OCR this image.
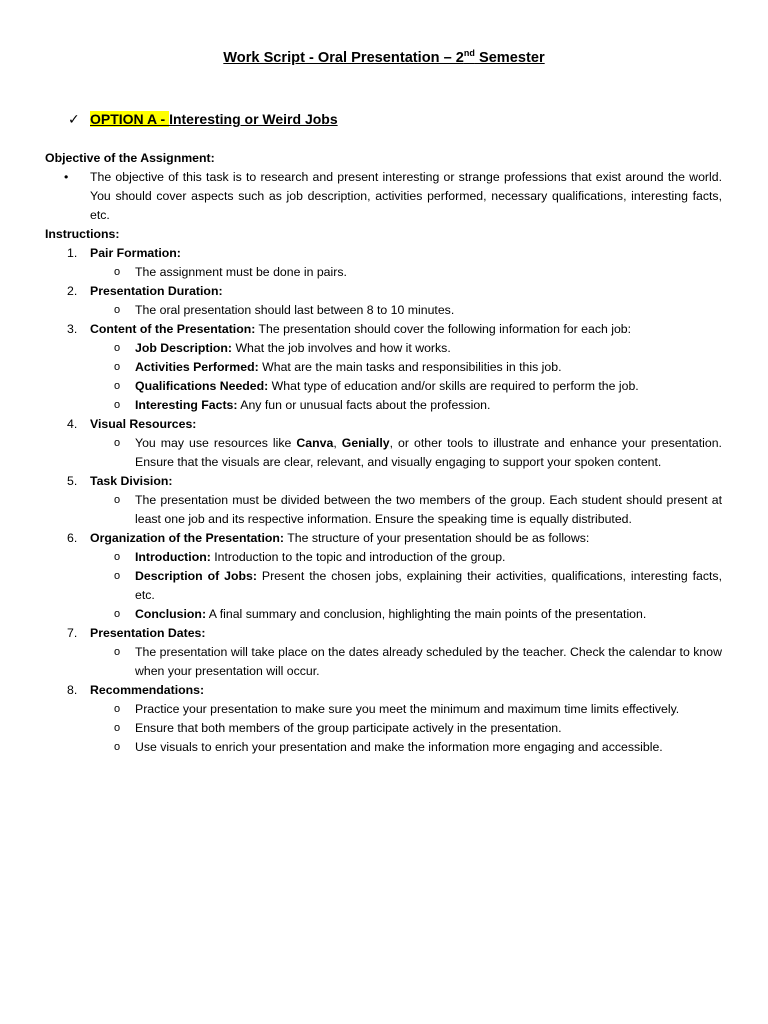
Work Script - Oral Presentation – 2nd Semester
✓ OPTION A - Interesting or Weird Jobs
Objective of the Assignment:
• The objective of this task is to research and present interesting or strange professions that exist around the world. You should cover aspects such as job description, activities performed, necessary qualifications, interesting facts, etc.
Instructions:
1. Pair Formation:
o The assignment must be done in pairs.
2. Presentation Duration:
o The oral presentation should last between 8 to 10 minutes.
3. Content of the Presentation: The presentation should cover the following information for each job:
o Job Description: What the job involves and how it works.
o Activities Performed: What are the main tasks and responsibilities in this job.
o Qualifications Needed: What type of education and/or skills are required to perform the job.
o Interesting Facts: Any fun or unusual facts about the profession.
4. Visual Resources:
o You may use resources like Canva, Genially, or other tools to illustrate and enhance your presentation. Ensure that the visuals are clear, relevant, and visually engaging to support your spoken content.
5. Task Division:
o The presentation must be divided between the two members of the group. Each student should present at least one job and its respective information. Ensure the speaking time is equally distributed.
6. Organization of the Presentation: The structure of your presentation should be as follows:
o Introduction: Introduction to the topic and introduction of the group.
o Description of Jobs: Present the chosen jobs, explaining their activities, qualifications, interesting facts, etc.
o Conclusion: A final summary and conclusion, highlighting the main points of the presentation.
7. Presentation Dates:
o The presentation will take place on the dates already scheduled by the teacher. Check the calendar to know when your presentation will occur.
8. Recommendations:
o Practice your presentation to make sure you meet the minimum and maximum time limits effectively.
o Ensure that both members of the group participate actively in the presentation.
o Use visuals to enrich your presentation and make the information more engaging and accessible.
